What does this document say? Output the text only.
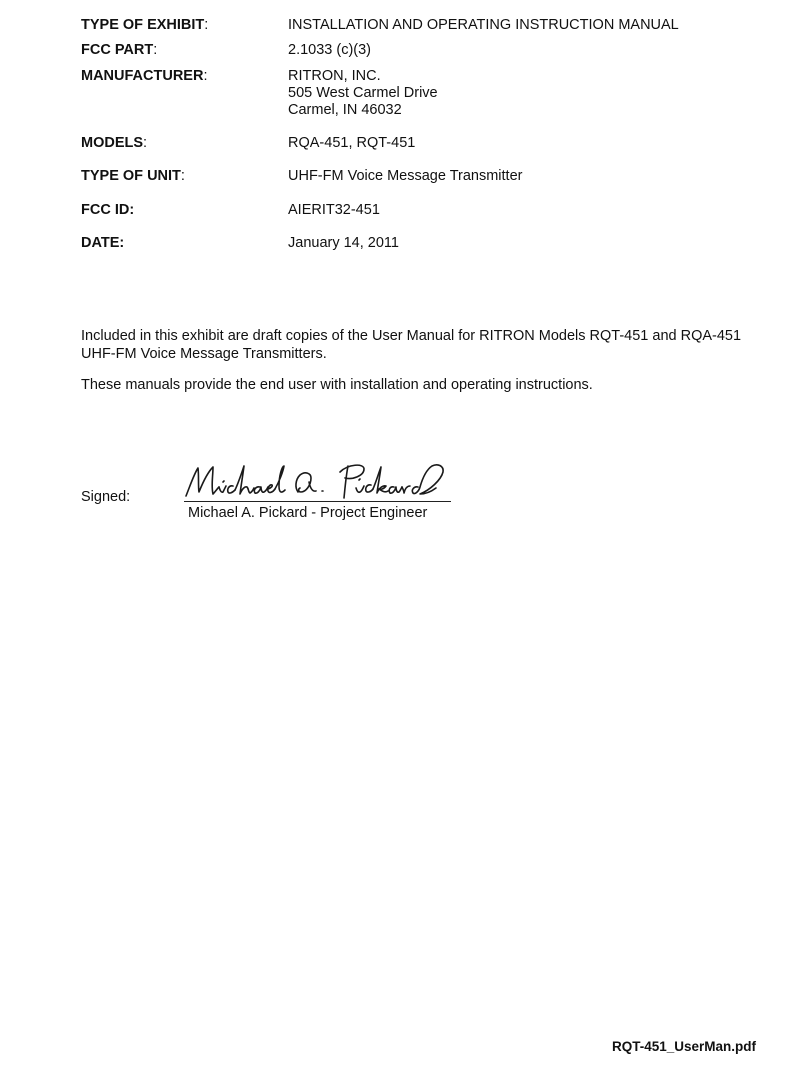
TYPE OF EXHIBIT:	INSTALLATION AND OPERATING INSTRUCTION MANUAL
FCC PART:	2.1033 (c)(3)
MANUFACTURER:	RITRON, INC.
505 West Carmel Drive
Carmel, IN 46032
MODELS:	RQA-451, RQT-451
TYPE OF UNIT:	UHF-FM Voice Message Transmitter
FCC ID:	AIERIT32-451
DATE:	January 14, 2011
Included in this exhibit are draft copies of the User Manual for RITRON Models RQT-451 and RQA-451 UHF-FM Voice Message Transmitters.
These manuals provide the end user with installation and operating instructions.
Signed:
Michael A. Pickard - Project Engineer
RQT-451_UserMan.pdf
